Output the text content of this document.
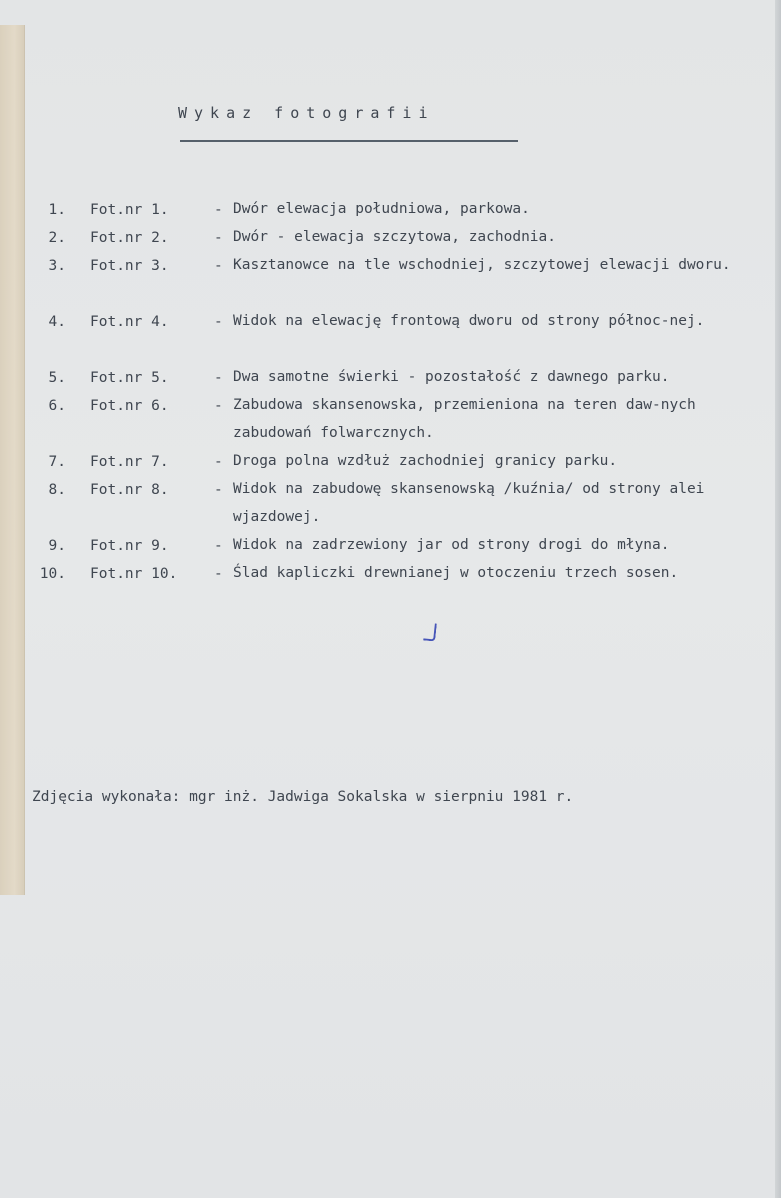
Wykaz fotografii
1. Fot.nr 1.	- Dwór elewacja południowa, parkowa.
2. Fot.nr 2.	- Dwór - elewacja szczytowa, zachodnia.
3. Fot.nr 3.	- Kasztanowce na tle wschodniej, szczytowej elewacji dworu.
4. Fot.nr 4.	- Widok na elewację frontową dworu od strony północ-nej.
5. Fot.nr 5.	- Dwa samotne świerki - pozostałość z dawnego parku.
6. Fot.nr 6.	- Zabudowa skansenowska, przemieniona na teren daw-nych zabudowań folwarcznych.
7. Fot.nr 7.	- Droga polna wzdłuż zachodniej granicy parku.
8. Fot.nr 8.	- Widok na zabudowę skansenowską /kuźnia/ od strony alei wjazdowej.
9. Fot.nr 9.	- Widok na zadrzewiony jar od strony drogi do młyna.
10. Fot.nr 10.	- Ślad kapliczki drewnianej w otoczeniu trzech sosen.
Zdjęcia wykonała: mgr inż. Jadwiga Sokalska w sierpniu 1981 r.
